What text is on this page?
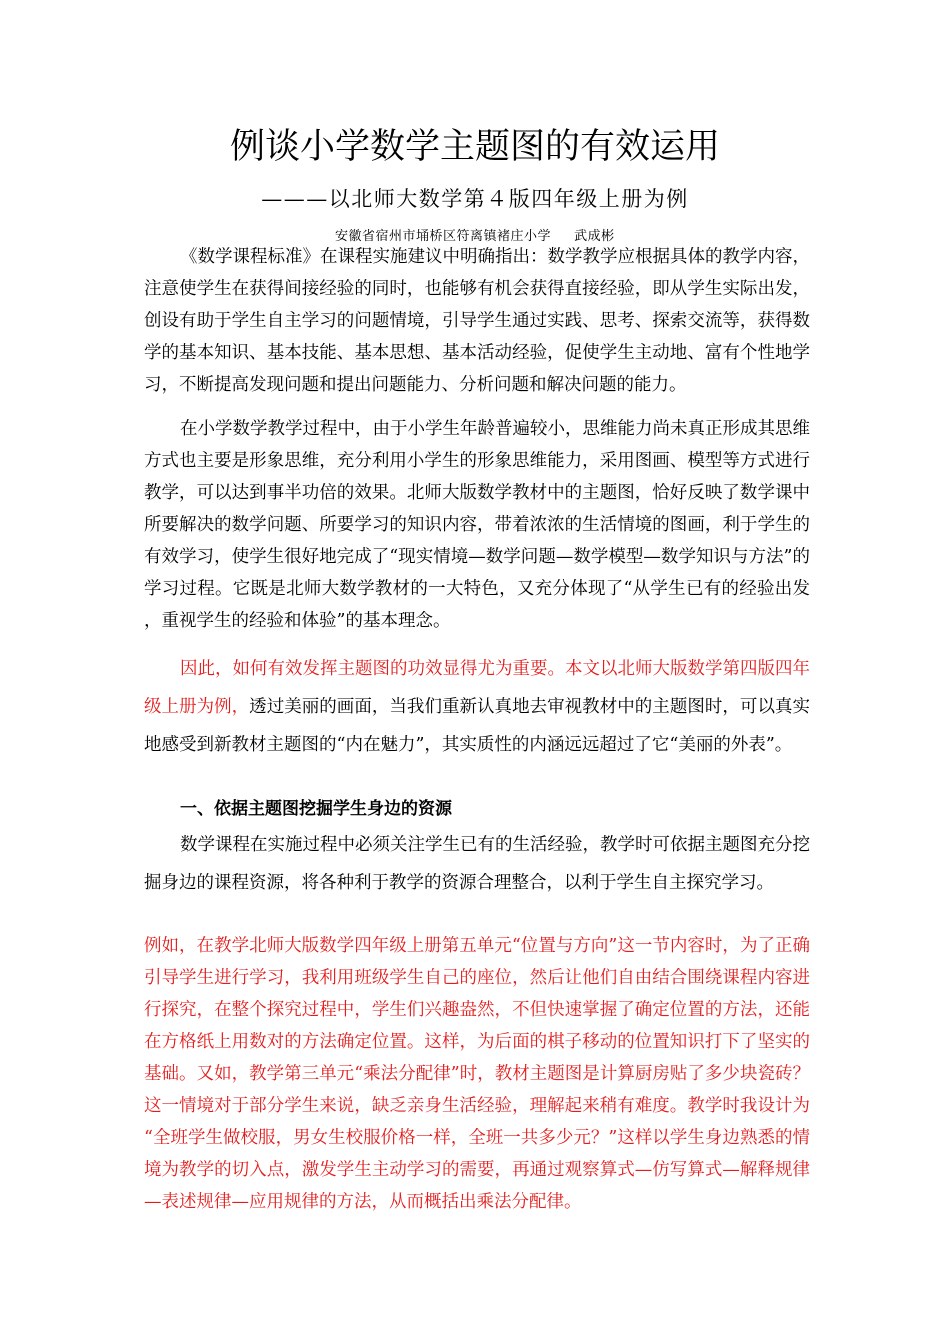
例谈小学数学主题图的有效运用
———以北师大数学第４版四年级上册为例
安徽省宿州市埇桥区符离镇褚庄小学     武成彬

《数学课程标准》在课程实施建议中明确指出：数学教学应根据具体的教学内容，注意使学生在获得间接经验的同时，也能够有机会获得直接经验，即从学生实际出发，创设有助于学生自主学习的问题情境，引导学生通过实践、思考、探索交流等，获得数学的基本知识、基本技能、基本思想、基本活动经验，促使学生主动地、富有个性地学习，不断提高发现问题和提出问题能力、分析问题和解决问题的能力。

在小学数学教学过程中，由于小学生年龄普遍较小，思维能力尚未真正形成其思维方式也主要是形象思维，充分利用小学生的形象思维能力，采用图画、模型等方式进行教学，可以达到事半功倍的效果。北师大版数学教材中的主题图，恰好反映了数学课中所要解决的数学问题、所要学习的知识内容，带着浓浓的生活情境的图画，利于学生的有效学习，使学生很好地完成了“现实情境—数学问题—数学模型—数学知识与方法”的学习过程。它既是北师大数学教材的一大特色，又充分体现了“从学生已有的经验出发，重视学生的经验和体验”的基本理念。

因此，如何有效发挥主题图的功效显得尤为重要。本文以北师大版数学第四版四年级上册为例，透过美丽的画面，当我们重新认真地去审视教材中的主题图时，可以真实地感受到新教材主题图的“内在魅力”，其实质性的内涵远远超过了它“美丽的外表”。

一、依据主题图挖掘学生身边的资源

数学课程在实施过程中必须关注学生已有的生活经验，教学时可依据主题图充分挖掘身边的课程资源，将各种利于教学的资源合理整合，以利于学生自主探究学习。

例如，在教学北师大版数学四年级上册第五单元“位置与方向”这一节内容时，为了正确引导学生进行学习，我利用班级学生自己的座位，然后让他们自由结合围绕课程内容进行探究，在整个探究过程中，学生们兴趣盎然，不但快速掌握了确定位置的方法，还能在方格纸上用数对的方法确定位置。这样，为后面的棋子移动的位置知识打下了坚实的基础。又如，教学第三单元“乘法分配律”时，教材主题图是计算厨房贴了多少块瓷砖？这一情境对于部分学生来说，缺乏亲身生活经验，理解起来稍有难度。教学时我设计为“全班学生做校服，男女生校服价格一样，全班一共多少元？”这样以学生身边熟悉的情境为教学的切入点，激发学生主动学习的需要，再通过观察算式—仿写算式—解释规律—表述规律—应用规律的方法，从而概括出乘法分配律。
